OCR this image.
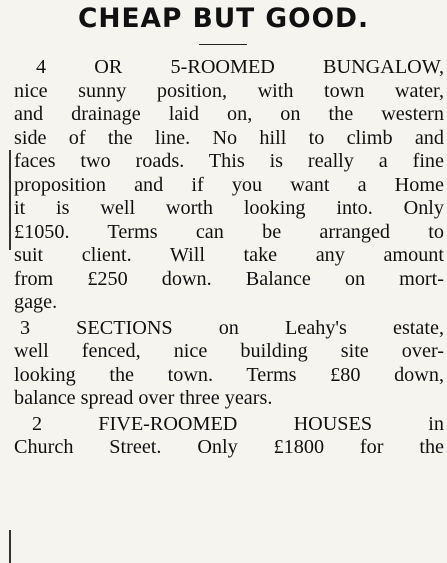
CHEAP BUT GOOD.
4 OR 5-ROOMED BUNGALOW,
nice sunny position, with town water,
and drainage laid on, on the western
side of the line. No hill to climb and
faces two roads. This is really a fine
proposition and if you want a Home
it is well worth looking into. Only
£1050. Terms can be arranged to
suit client. Will take any amount
from £250 down. Balance on mort-
gage.
3 SECTIONS on Leahy's estate,
well fenced, nice building site over-
looking the town. Terms £80 down,
balance spread over three years.
2 FIVE-ROOMED HOUSES in
Church Street. Only £1800 for the
